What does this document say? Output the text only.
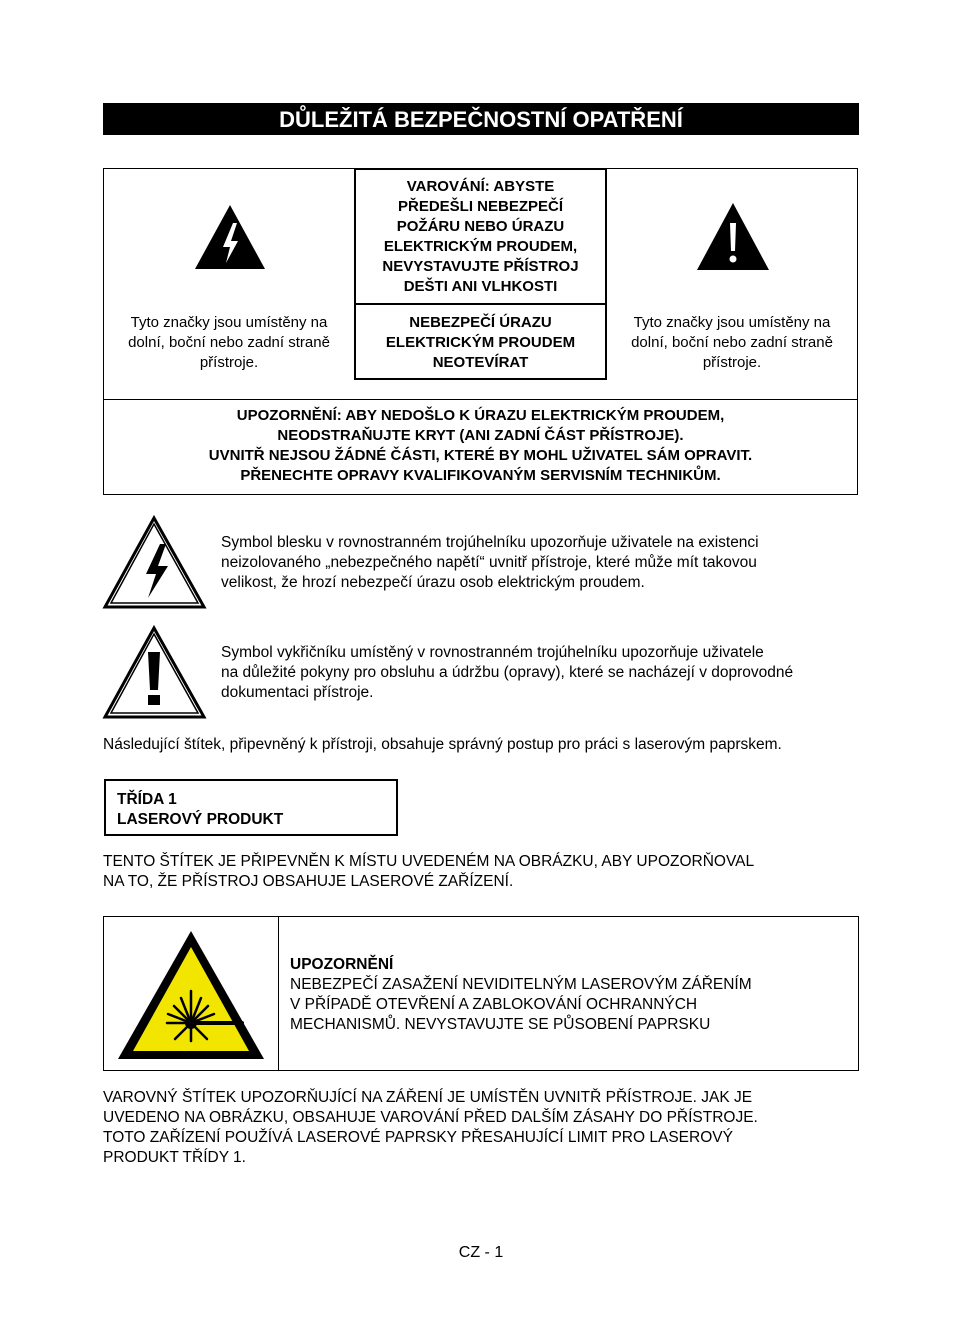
DŮLEŽITÁ BEZPEČNOSTNÍ OPATŘENÍ
Tyto značky jsou umístěny na
dolní, boční nebo zadní straně
přístroje.
VAROVÁNÍ: ABYSTE
PŘEDEŠLI NEBEZPEČÍ
POŽÁRU NEBO ÚRAZU
ELEKTRICKÝM PROUDEM,
NEVYSTAVUJTE PŘÍSTROJ
DEŠTI ANI VLHKOSTI
NEBEZPEČÍ ÚRAZU
ELEKTRICKÝM PROUDEM
NEOTEVÍRAT
Tyto značky jsou umístěny na
dolní, boční nebo zadní straně
přístroje.
UPOZORNĚNÍ: ABY NEDOŠLO K ÚRAZU ELEKTRICKÝM PROUDEM,
NEODSTRAŇUJTE KRYT (ANI ZADNÍ ČÁST PŘÍSTROJE).
UVNITŘ NEJSOU ŽÁDNÉ ČÁSTI, KTERÉ BY MOHL UŽIVATEL SÁM OPRAVIT.
PŘENECHTE OPRAVY KVALIFIKOVANÝM SERVISNÍM TECHNIKŮM.
Symbol blesku v rovnostranném trojúhelníku upozorňuje uživatele na existenci
neizolovaného „nebezpečného napětí“ uvnitř přístroje, které může mít takovou
velikost, že hrozí nebezpečí úrazu osob elektrickým proudem.
Symbol vykřičníku umístěný v rovnostranném trojúhelníku upozorňuje uživatele
na důležité pokyny pro obsluhu a údržbu (opravy), které se nacházejí v doprovodné
dokumentaci přístroje.
Následující štítek, připevněný k přístroji, obsahuje správný postup pro práci s laserovým paprskem.
TŘÍDA 1
LASEROVÝ PRODUKT
TENTO ŠTÍTEK JE PŘIPEVNĚN K MÍSTU UVEDENÉM NA OBRÁZKU, ABY UPOZORŇOVAL
NA TO, ŽE PŘÍSTROJ OBSAHUJE LASEROVÉ ZAŘÍZENÍ.
UPOZORNĚNÍ
NEBEZPEČÍ ZASAŽENÍ NEVIDITELNÝM LASEROVÝM ZÁŘENÍM
V PŘÍPADĚ OTEVŘENÍ A ZABLOKOVÁNÍ OCHRANNÝCH
MECHANISMŮ. NEVYSTAVUJTE SE PŮSOBENÍ PAPRSKU
VAROVNÝ ŠTÍTEK UPOZORŇUJÍCÍ NA ZÁŘENÍ JE UMÍSTĚN UVNITŘ PŘÍSTROJE. JAK JE
UVEDENO NA OBRÁZKU, OBSAHUJE VAROVÁNÍ PŘED DALŠÍM ZÁSAHY DO PŘÍSTROJE.
TOTO ZAŘÍZENÍ POUŽÍVÁ LASEROVÉ PAPRSKY PŘESAHUJÍCÍ LIMIT PRO LASEROVÝ
PRODUKT TŘÍDY 1.
CZ - 1
